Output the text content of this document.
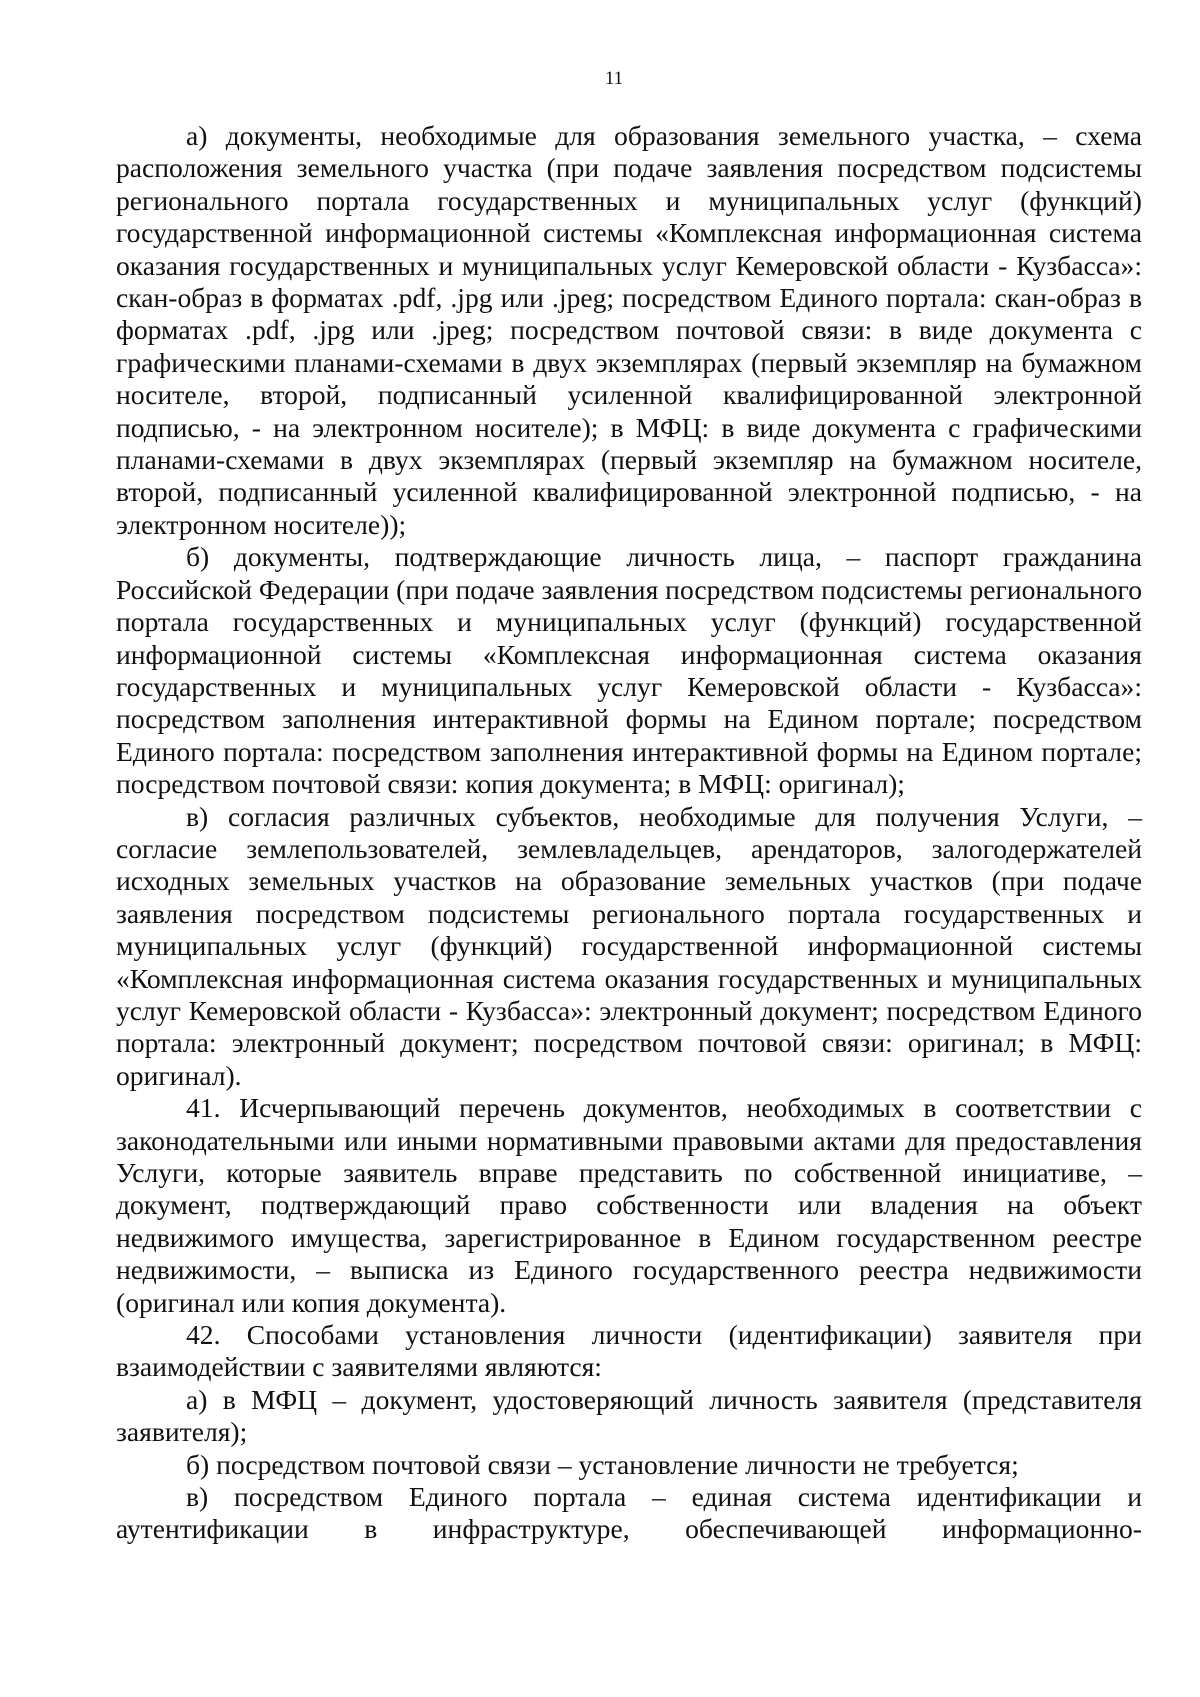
11

а) документы, необходимые для образования земельного участка, – схема расположения земельного участка (при подаче заявления посредством подсистемы регионального портала государственных и муниципальных услуг (функций) государственной информационной системы «Комплексная информационная система оказания государственных и муниципальных услуг Кемеровской области - Кузбасса»: скан-образ в форматах .pdf, .jpg или .jpeg; посредством Единого портала: скан-образ в форматах .pdf, .jpg или .jpeg; посредством почтовой связи: в виде документа с графическими планами-схемами в двух экземплярах (первый экземпляр на бумажном носителе, второй, подписанный усиленной квалифицированной электронной подписью, - на электронном носителе); в МФЦ: в виде документа с графическими планами-схемами в двух экземплярах (первый экземпляр на бумажном носителе, второй, подписанный усиленной квалифицированной электронной подписью, - на электронном носителе));

б) документы, подтверждающие личность лица, – паспорт гражданина Российской Федерации (при подаче заявления посредством подсистемы регионального портала государственных и муниципальных услуг (функций) государственной информационной системы «Комплексная информационная система оказания государственных и муниципальных услуг Кемеровской области - Кузбасса»: посредством заполнения интерактивной формы на Едином портале; посредством Единого портала: посредством заполнения интерактивной формы на Едином портале; посредством почтовой связи: копия документа; в МФЦ: оригинал);

в) согласия различных субъектов, необходимые для получения Услуги, – согласие землепользователей, землевладельцев, арендаторов, залогодержателей исходных земельных участков на образование земельных участков (при подаче заявления посредством подсистемы регионального портала государственных и муниципальных услуг (функций) государственной информационной системы «Комплексная информационная система оказания государственных и муниципальных услуг Кемеровской области - Кузбасса»: электронный документ; посредством Единого портала: электронный документ; посредством почтовой связи: оригинал; в МФЦ: оригинал).

41. Исчерпывающий перечень документов, необходимых в соответствии с законодательными или иными нормативными правовыми актами для предоставления Услуги, которые заявитель вправе представить по собственной инициативе, – документ, подтверждающий право собственности или владения на объект недвижимого имущества, зарегистрированное в Едином государственном реестре недвижимости, – выписка из Единого государственного реестра недвижимости (оригинал или копия документа).

42. Способами установления личности (идентификации) заявителя при взаимодействии с заявителями являются:

а) в МФЦ – документ, удостоверяющий личность заявителя (представителя заявителя);

б) посредством почтовой связи – установление личности не требуется;

в) посредством Единого портала – единая система идентификации и аутентификации в инфраструктуре, обеспечивающей информационно-
